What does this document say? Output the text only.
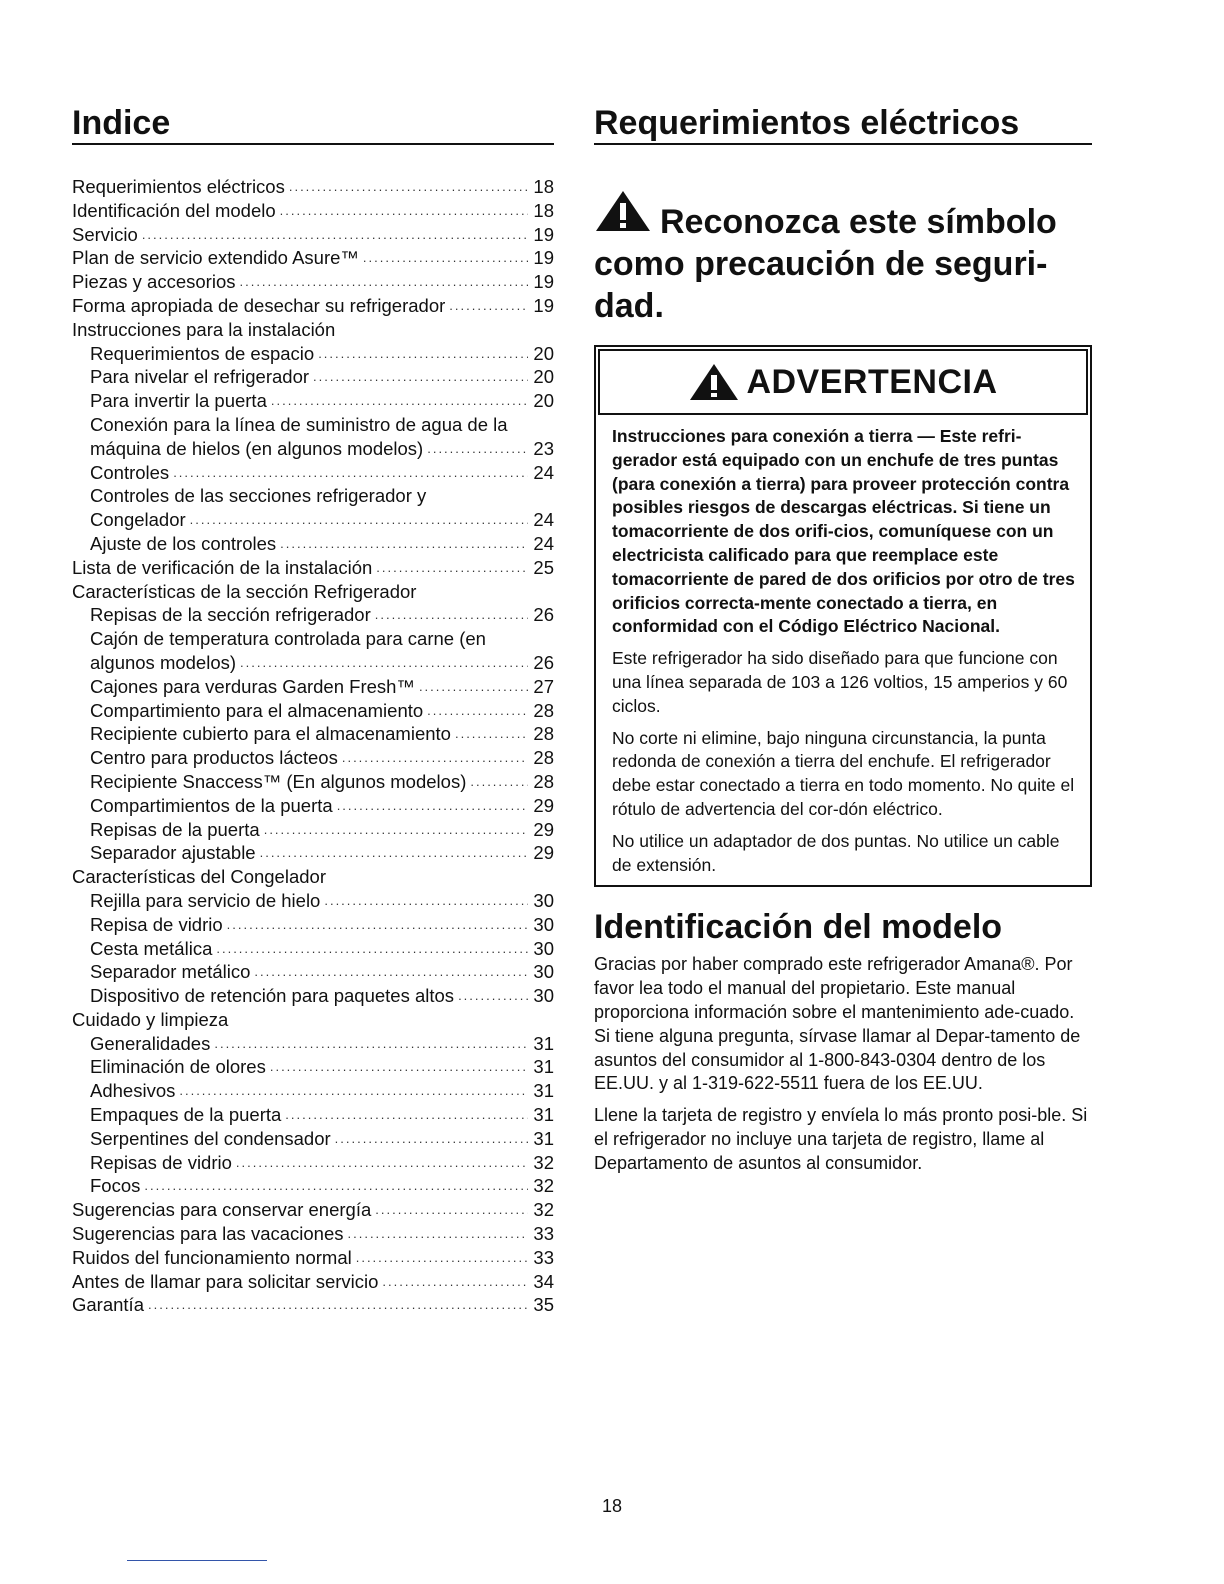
Indice
Requerimientos eléctricos .....	18
Identificación del modelo .....	18
Servicio .....	19
Plan de servicio extendido Asure™ .....	19
Piezas y accesorios .....	19
Forma apropiada de desechar su refrigerador .....	19
Instrucciones para la instalación
Requerimientos de espacio .....	20
Para nivelar el refrigerador .....	20
Para invertir la puerta .....	20
Conexión para la línea de suministro de agua de la
máquina de hielos (en algunos modelos) .....	23
Controles .....	24
Controles de las secciones refrigerador y
Congelador .....	24
Ajuste de los controles .....	24
Lista de verificación de la instalación .....	25
Características de la sección Refrigerador
Repisas de la sección refrigerador .....	26
Cajón de temperatura controlada para carne (en
algunos modelos) .....	26
Cajones para verduras Garden Fresh™ .....	27
Compartimiento para el almacenamiento .....	28
Recipiente cubierto para el almacenamiento .....	28
Centro para productos lácteos .....	28
Recipiente Snaccess™ (En algunos modelos) .....	28
Compartimientos de la puerta .....	29
Repisas de la puerta .....	29
Separador ajustable .....	29
Características del Congelador
Rejilla para servicio de hielo .....	30
Repisa de vidrio .....	30
Cesta metálica .....	30
Separador metálico .....	30
Dispositivo de retención para paquetes altos .....	30
Cuidado y limpieza
Generalidades .....	31
Eliminación de olores .....	31
Adhesivos .....	31
Empaques de la puerta .....	31
Serpentines del condensador .....	31
Repisas de vidrio .....	32
Focos .....	32
Sugerencias para conservar energía .....	32
Sugerencias para las vacaciones .....	33
Ruidos del funcionamiento normal .....	33
Antes de llamar para solicitar servicio .....	34
Garantía .....	35
Requerimientos eléctricos
Reconozca este símbolo
como precaución de seguri-
dad.
ADVERTENCIA

Instrucciones para conexión a tierra — Este refri-gerador está equipado con un enchufe de tres puntas (para conexión a tierra) para proveer protección contra posibles riesgos de descargas eléctricas. Si tiene un tomacorriente de dos orifi-cios, comuníquese con un electricista calificado para que reemplace este tomacorriente de pared de dos orificios por otro de tres orificios correcta-mente conectado a tierra, en conformidad con el Código Eléctrico Nacional.

Este refrigerador ha sido diseñado para que funcione con una línea separada de 103 a 126 voltios, 15 amperios y 60 ciclos.

No corte ni elimine, bajo ninguna circunstancia, la punta redonda de conexión a tierra del enchufe. El refrigerador debe estar conectado a tierra en todo momento. No quite el rótulo de advertencia del cor-dón eléctrico.

No utilice un adaptador de dos puntas. No utilice un cable de extensión.

Identificación del modelo

Gracias por haber comprado este refrigerador Amana®. Por favor lea todo el manual del propietario. Este manual proporciona información sobre el mantenimiento ade-cuado. Si tiene alguna pregunta, sírvase llamar al Depar-tamento de asuntos del consumidor al 1-800-843-0304 dentro de los EE.UU. y al 1-319-622-5511 fuera de los EE.UU.

Llene la tarjeta de registro y envíela lo más pronto posi-ble. Si el refrigerador no incluye una tarjeta de registro, llame al Departamento de asuntos al consumidor.

18
